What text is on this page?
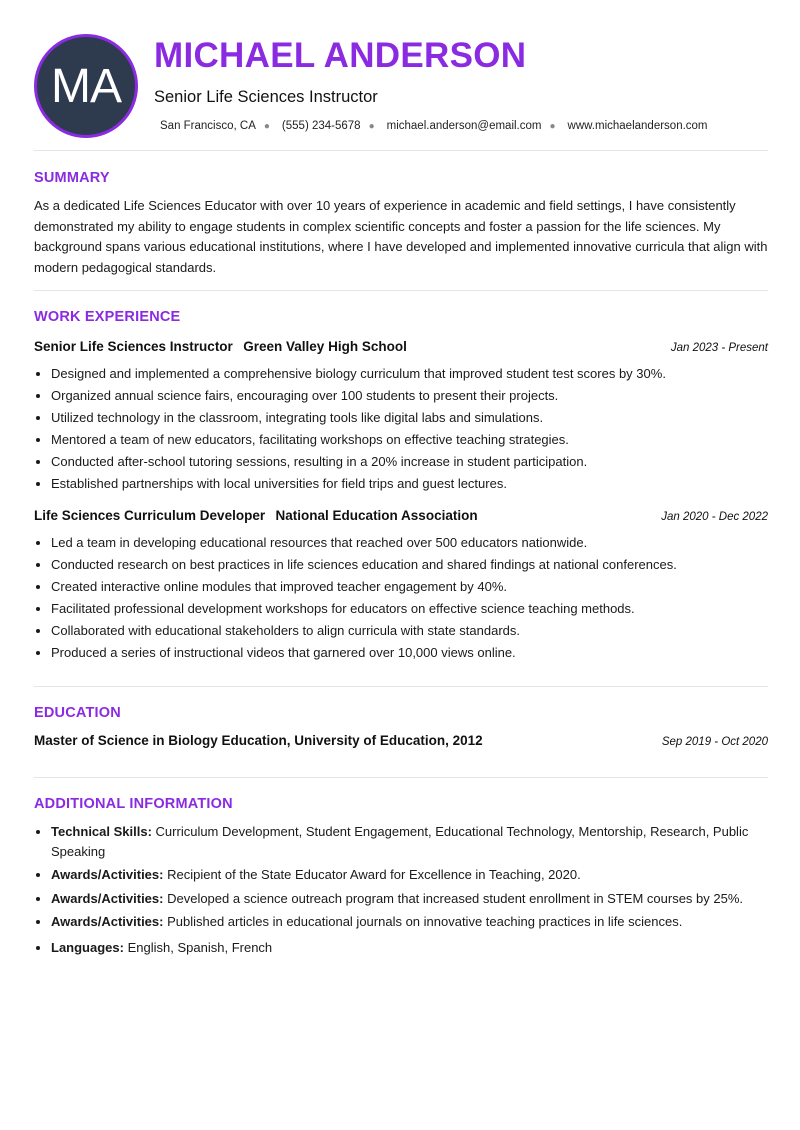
MA
MICHAEL ANDERSON
Senior Life Sciences Instructor
San Francisco, CA ● (555) 234-5678 ● michael.anderson@email.com ● www.michaelanderson.com
SUMMARY
As a dedicated Life Sciences Educator with over 10 years of experience in academic and field settings, I have consistently demonstrated my ability to engage students in complex scientific concepts and foster a passion for the life sciences. My background spans various educational institutions, where I have developed and implemented innovative curricula that align with modern pedagogical standards.
WORK EXPERIENCE
Senior Life Sciences Instructor Green Valley High School	Jan 2023 - Present
• Designed and implemented a comprehensive biology curriculum that improved student test scores by 30%.
• Organized annual science fairs, encouraging over 100 students to present their projects.
• Utilized technology in the classroom, integrating tools like digital labs and simulations.
• Mentored a team of new educators, facilitating workshops on effective teaching strategies.
• Conducted after-school tutoring sessions, resulting in a 20% increase in student participation.
• Established partnerships with local universities for field trips and guest lectures.
Life Sciences Curriculum Developer National Education Association	Jan 2020 - Dec 2022
• Led a team in developing educational resources that reached over 500 educators nationwide.
• Conducted research on best practices in life sciences education and shared findings at national conferences.
• Created interactive online modules that improved teacher engagement by 40%.
• Facilitated professional development workshops for educators on effective science teaching methods.
• Collaborated with educational stakeholders to align curricula with state standards.
• Produced a series of instructional videos that garnered over 10,000 views online.
EDUCATION
Master of Science in Biology Education, University of Education, 2012	Sep 2019 - Oct 2020
ADDITIONAL INFORMATION
• Technical Skills: Curriculum Development, Student Engagement, Educational Technology, Mentorship, Research, Public Speaking
• Awards/Activities: Recipient of the State Educator Award for Excellence in Teaching, 2020.
• Awards/Activities: Developed a science outreach program that increased student enrollment in STEM courses by 25%.
• Awards/Activities: Published articles in educational journals on innovative teaching practices in life sciences.
• Languages: English , Spanish , French
